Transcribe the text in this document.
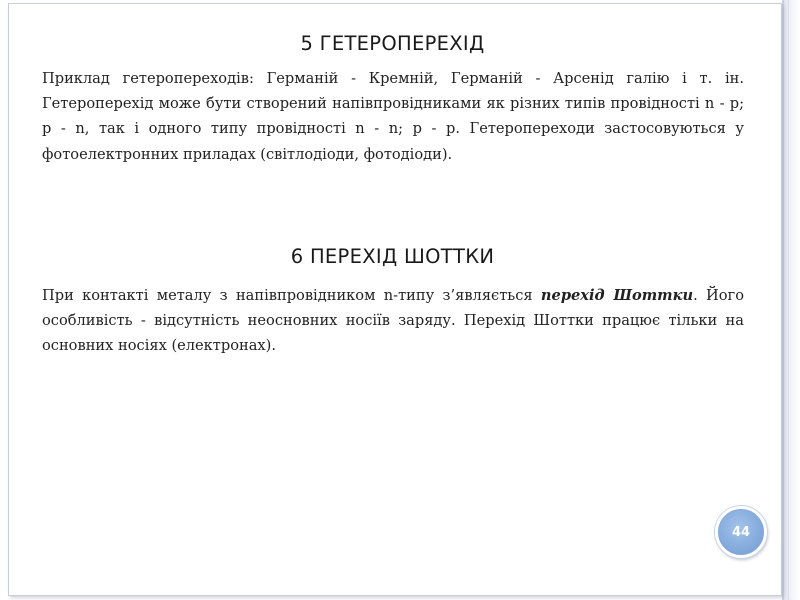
5 ГЕТЕРОПЕРЕХІД

Приклад гетеропереходів: Германій - Кремній, Германій - Арсенід галію і т. ін. Гетероперехід може бути створений напівпровідниками як різних типів провідності n - p; p - n, так і одного типу провідності n - n; p - p. Гетеропереходи застосовуються у фотоелектронних приладах (світлодіоди, фотодіоди).

6 ПЕРЕХІД ШОТТКИ

При контакті металу з напівпровідником n-типу з’являється перехід Шоттки. Його особливість - відсутність неосновних носіїв заряду. Перехід Шоттки працює тільки на основних носіях (електронах).

44
